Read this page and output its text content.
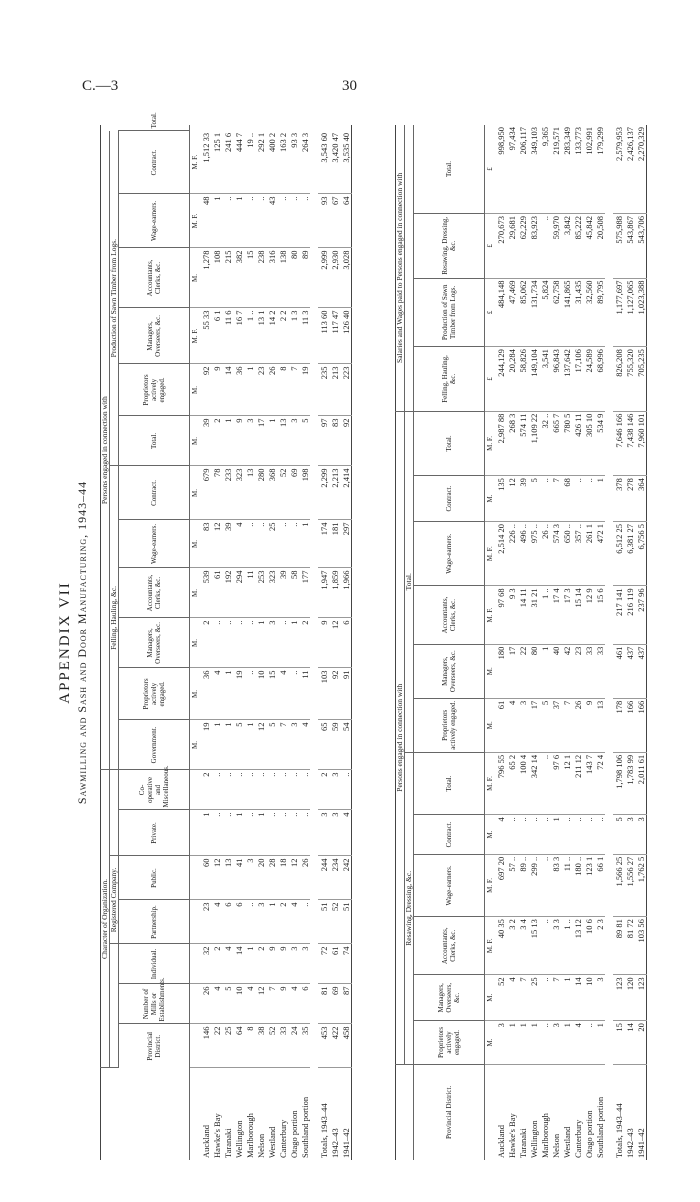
C.—3	30
APPENDIX VII Sawmilling and Sash and Door Manufacturing, 1943–44
	Character of Organization.							Persons engaged in connection with												
				Registered Company.				Felling, Hauling, &c.						Production of Sawn Timber from Logs.						
	Provincial District.	Number of Mills or Establishments.	Individual.	Partnership.	Public.	Private.	Co-operative and Miscellaneous.	Government.	Proprietors actively engaged.	Managers, Overseers, &c.	Accountants, Clerks, &c.	Wage-earners.	Contract.	Total.	Proprietors actively engaged.	Managers, Overseers, &c.	Accountants, Clerks, &c.	Wage-earners.	Contract.	Total.
								M.	M.	M.	M.	M.	M.	M.	M.	M. F.	M.	M. F.	M. F.	
Auckland	146	26	32	23	60	1	2	19	36	2	539	83	679	39	92	55 33	1,278	48	1,512 33	
Hawke's Bay	22	4	2	4	12	..	..	1	4	..	61	12	78	2	9	6 1	108	1	125 1	
Taranaki	25	5	4	6	13	..	..	1	1	..	192	39	233	1	14	11 6	215	..	241 6	
Wellington	64	10	14	6	41	1	..	5	19	..	294	4	323	9	36	16 7	382	1	444 7	
Marlborough	8	4	1	..	3	..	..	1	..	..	11	..	13	3	1	1 ..	15	..	19 ..	
Nelson	38	12	2	3	20	1	..	12	10	1	253	..	280	17	23	13 1	238	..	292 1	
Westland	52	7	9	1	28	..	..	5	15	3	323	25	368	1	26	14 2	316	43	400 2	
Canterbury	33	9	9	2	18	..	..	7	4	..	39	..	52	13	8	2 2	138	..	163 2	
Otago portion	24	4	3	4	12	..	..	3	..	1	58	..	69	3	7	1 3	80	..	93 3	
Southland portion	35	6	3	..	26	..	..	4	11	2	177	1	198	5	19	11 3	89	..	264 3	

Totals, 1943–44	453	81	72	51	244	3	2	65	103	9	1,947	174	2,299	97	235	113 60	2,999	93	3,543 60	
1942–43	422	69	61	52	234	3	3	59	92	12	1,859	181	2,213	83	213	117 47	2,930	67	3,420 47	
1941–42	458	87	74	51	242	4	..	54	91	6	1,966	297	2,414	92	223	126 40	3,028	64	3,535 40	
	Persons engaged in connection with												Salaries and Wages paid to Persons engaged in connection with			
	Resawing, Dressing, &c.						Total.									
Provincial District.	Proprietors actively engaged.	Managers, Overseers, &c.	Accountants, Clerks, &c.	Wage-earners.	Contract.	Total.	Proprietors actively engaged.	Managers, Overseers, &c.	Accountants, Clerks, &c.	Wage-earners.	Contract.	Total.	Felling, Hauling, &c.	Production of Sawn Timber from Logs.	Resawing, Dressing, &c.	Total.
	M.	M.	M. F.	M. F.	M.	M. F.	M.	M.	M. F.	M. F.	M.	M. F.	£	£	£	£
Auckland	3	52	40 35	697 20	4	796 55	61	180	97 68	2,514 20	135	2,987 88	244,129	484,148	270,673	998,950
Hawke's Bay	1	4	3 2	57 ..	..	65 2	4	17	9 3	226 ..	12	268 3	20,284	47,469	29,681	97,434
Taranaki	1	7	3 4	89 ..	..	100 4	3	22	14 11	496 ..	39	574 11	58,826	85,062	62,229	206,117
Wellington	1	25	15 13	299 ..	..	342 14	17	80	31 21	975 ..	5	1,109 22	149,104	131,734	83,923	349,103
Marlborough	..	..	..	..	..	..	5	1	1 ..	26 ..	..	32 ..	3,541	5,824	..	9,365
Nelson	3	7	3 3	83 3	1	97 6	37	40	17 4	574 3	7	665 7	96,843	62,758	59,970	219,571
Westland	1	1	1 ..	11 ..	..	12 1	7	42	17 3	650 ..	68	780 5	137,642	141,865	3,842	283,349
Canterbury	4	14	13 12	180 ..	..	211 12	26	23	15 14	357 ..	..	426 11	17,106	31,435	85,222	133,773
Otago portion	..	10	10 6	123 1	..	143 7	9	33	12 9	261 1	..	305 10	24,589	32,560	45,842	102,991
Southland portion	1	3	2 3	66 1	..	72 4	13	33	15 6	472 1	1	534 9	68,996	89,795	20,508	179,299

Totals, 1943–44	15	123	89 81	1,566 25	5	1,798 106	178	461	217 141	6,512 25	378	7,646 166	826,208	1,177,697	575,988	2,579,953
1942–43	14	120	81 72	1,556 27	3	1,783 99	166	437	216 119	6,381 27	278	7,438 146	755,320	1,127,065	543,867	2,426,137
1941–42	20	123	103 56	1,762 5	3	2,011 61	166	437	237 96	6,756 5	364	7,960 101	705,235	1,023,388	543,706	2,270,329
